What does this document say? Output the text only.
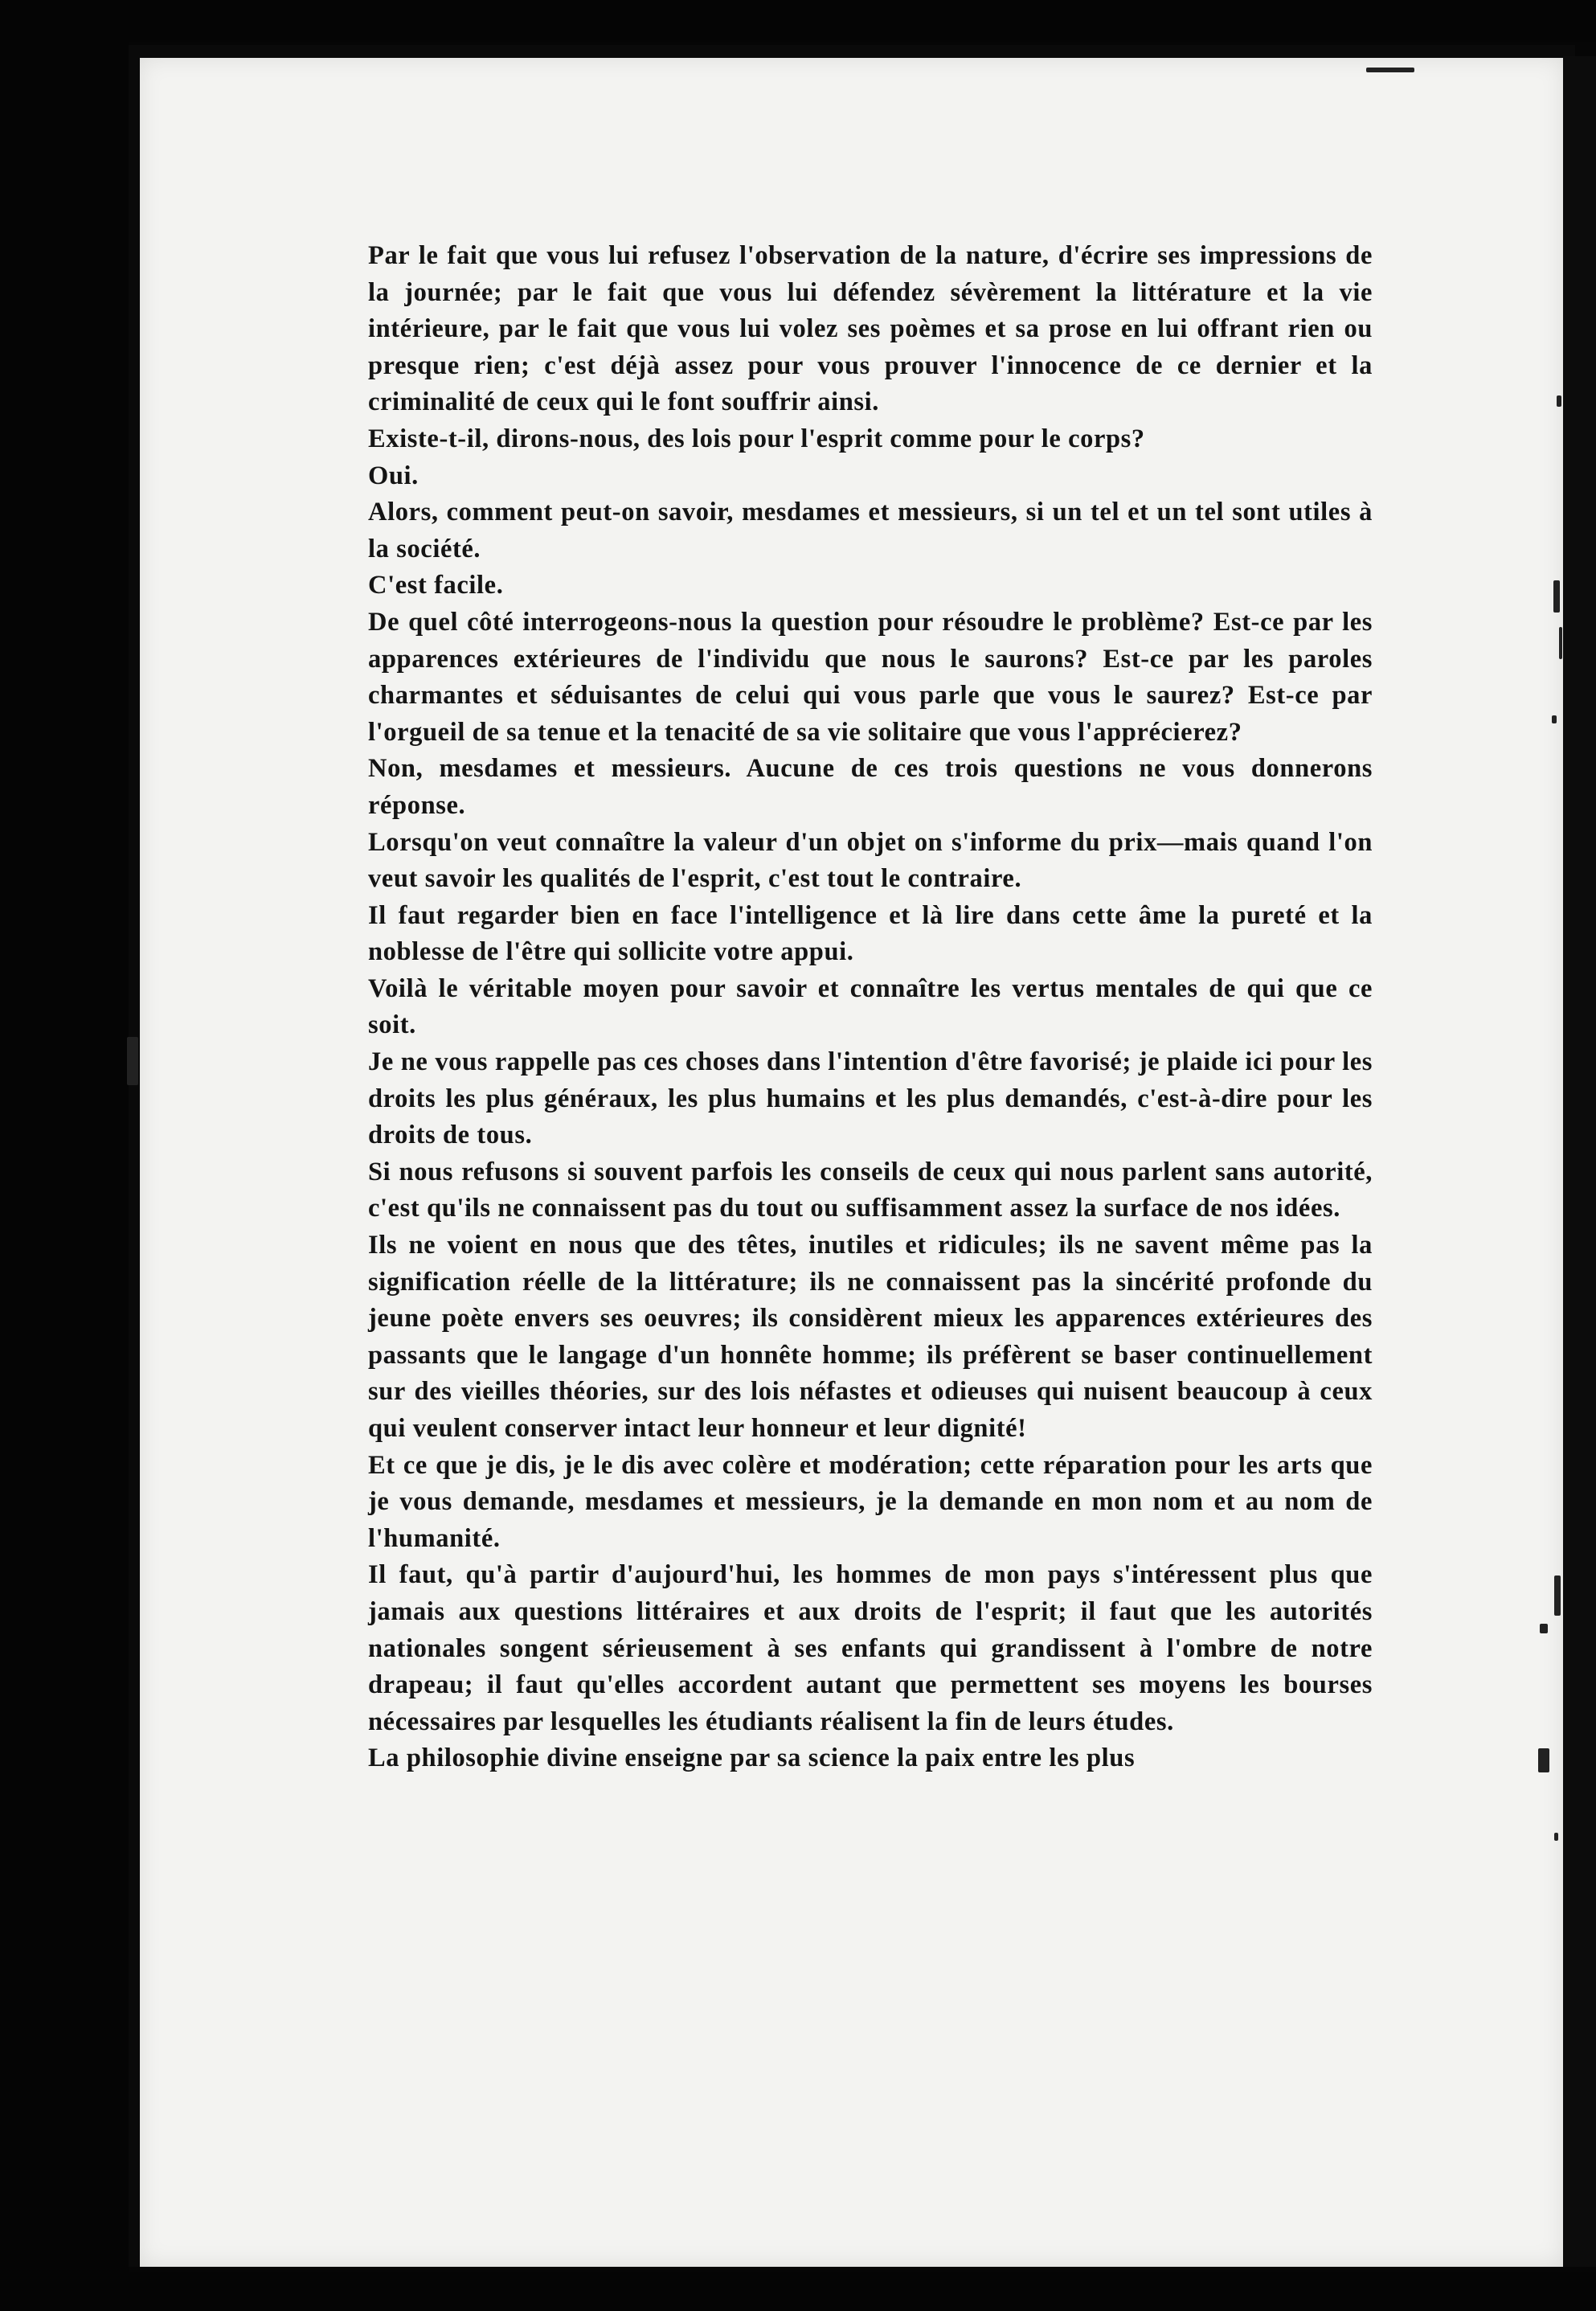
Par le fait que vous lui refusez l'observation de la nature, d'écrire ses impressions de la journée; par le fait que vous lui défendez sévèrement la littérature et la vie intérieure, par le fait que vous lui volez ses poèmes et sa prose en lui offrant rien ou presque rien; c'est déjà assez pour vous prouver l'innocence de ce dernier et la criminalité de ceux qui le font souffrir ainsi.

Existe-t-il, dirons-nous, des lois pour l'esprit comme pour le corps?

Oui.

Alors, comment peut-on savoir, mesdames et messieurs, si un tel et un tel sont utiles à la société.

C'est facile.

De quel côté interrogeons-nous la question pour résoudre le problème? Est-ce par les apparences extérieures de l'individu que nous le saurons? Est-ce par les paroles charmantes et séduisantes de celui qui vous parle que vous le saurez? Est-ce par l'orgueil de sa tenue et la tenacité de sa vie solitaire que vous l'apprécierez?

Non, mesdames et messieurs. Aucune de ces trois questions ne vous donnerons réponse.

Lorsqu'on veut connaître la valeur d'un objet on s'informe du prix—mais quand l'on veut savoir les qualités de l'esprit, c'est tout le contraire.

Il faut regarder bien en face l'intelligence et là lire dans cette âme la pureté et la noblesse de l'être qui sollicite votre appui.

Voilà le véritable moyen pour savoir et connaître les vertus mentales de qui que ce soit.

Je ne vous rappelle pas ces choses dans l'intention d'être favorisé; je plaide ici pour les droits les plus généraux, les plus humains et les plus demandés, c'est-à-dire pour les droits de tous.

Si nous refusons si souvent parfois les conseils de ceux qui nous parlent sans autorité, c'est qu'ils ne connaissent pas du tout ou suffisamment assez la surface de nos idées.

Ils ne voient en nous que des têtes, inutiles et ridicules; ils ne savent même pas la signification réelle de la littérature; ils ne connaissent pas la sincérité profonde du jeune poète envers ses oeuvres; ils considèrent mieux les apparences extérieures des passants que le langage d'un honnête homme; ils préfèrent se baser continuellement sur des vieilles théories, sur des lois néfastes et odieuses qui nuisent beaucoup à ceux qui veulent conserver intact leur honneur et leur dignité!

Et ce que je dis, je le dis avec colère et modération; cette réparation pour les arts que je vous demande, mesdames et messieurs, je la demande en mon nom et au nom de l'humanité.

Il faut, qu'à partir d'aujourd'hui, les hommes de mon pays s'intéressent plus que jamais aux questions littéraires et aux droits de l'esprit; il faut que les autorités nationales songent sérieusement à ses enfants qui grandissent à l'ombre de notre drapeau; il faut qu'elles accordent autant que permettent ses moyens les bourses nécessaires par lesquelles les étudiants réalisent la fin de leurs études.

La philosophie divine enseigne par sa science la paix entre les plus
